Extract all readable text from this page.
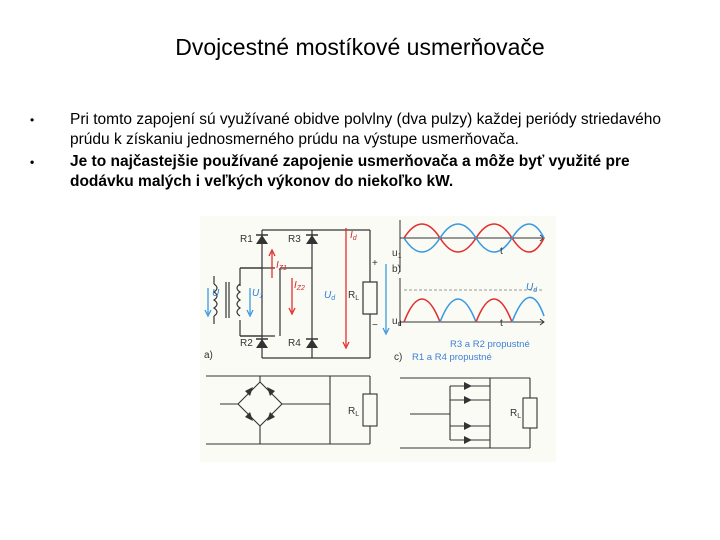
Dvojcestné mostíkové usmerňovače
• Pri tomto zapojení sú využívané obidve polvlny (dva pulzy) každej periódy striedavého prúdu k získaniu jednosmerného prúdu na výstupe usmerňovača.
• Je to najčastejšie používané zapojenie usmerňovača a môže byť využité pre dodávku malých i veľkých výkonov do niekoľko kW.
R1	R3
R2	R4
$I_d$
$I_{Z1}$
$I_{Z2}$
U	$U_1$	$U_d$ $R_L$
+
−
a)
$R_L$
t
$u_1$
b)
$U_d$
t
$u_d$
R3 a R2 propustné
c) R1 a R4 propustné
$R_L$
